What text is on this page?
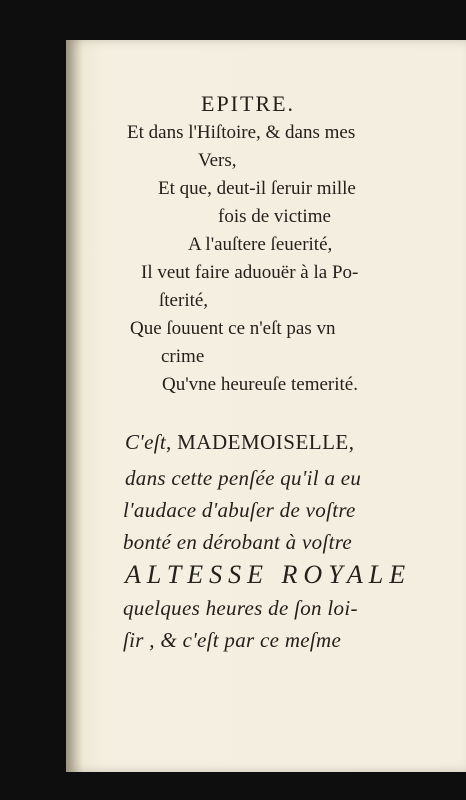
EPITRE.
Et dans l'Hiſtoire, & dans mes
Vers,
Et que, deut-il ſeruir mille
fois de victime
A l'auſtere ſeuerité,
Il veut faire aduouër à la Po-
ſterité,
Que ſouuent ce n'eſt pas vn
crime
Qu'vne heureuſe temerité.
C'eſt, MADEMOISELLE,
dans cette penſée qu'il a eu
l'audace d'abuſer de voſtre
bonté en dérobant à voſtre
ALTESSE ROYALE
quelques heures de ſon loi-
ſir , & c'eſt par ce meſme
